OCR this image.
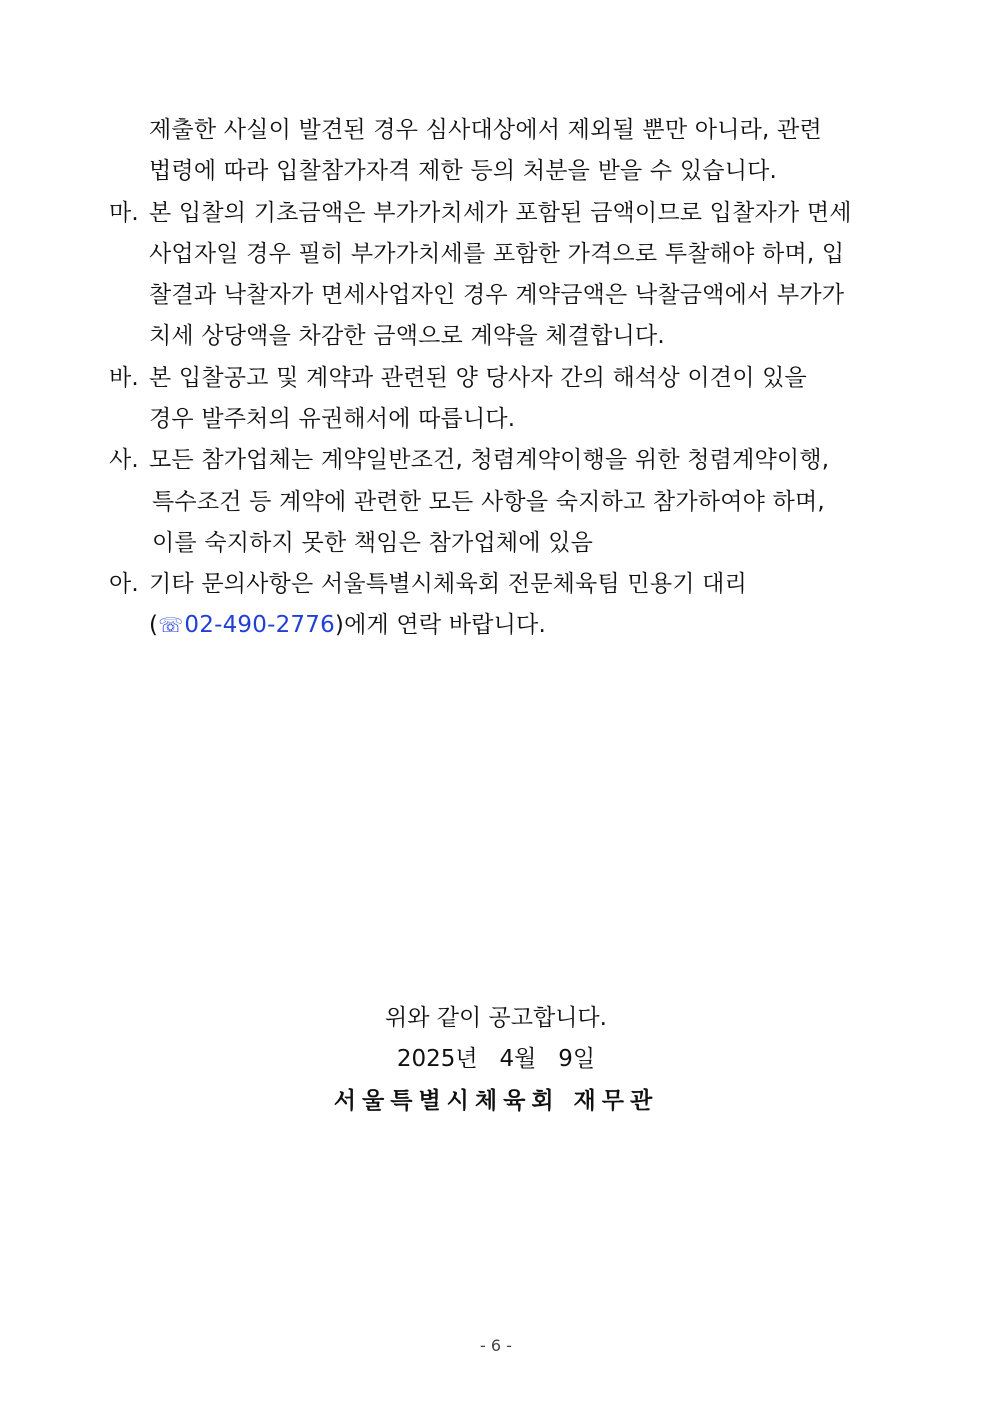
제출한 사실이 발견된 경우 심사대상에서 제외될 뿐만 아니라, 관련
법령에 따라 입찰참가자격 제한 등의 처분을 받을 수 있습니다.
마. 본 입찰의 기초금액은 부가가치세가 포함된 금액이므로 입찰자가 면세
사업자일 경우 필히 부가가치세를 포함한 가격으로 투찰해야 하며, 입
찰결과 낙찰자가 면세사업자인 경우 계약금액은 낙찰금액에서 부가가
치세 상당액을 차감한 금액으로 계약을 체결합니다.
바. 본 입찰공고 및 계약과 관련된 양 당사자 간의 해석상 이견이 있을
경우 발주처의 유권해서에 따릅니다.
사. 모든 참가업체는 계약일반조건, 청렴계약이행을 위한 청렴계약이행,
특수조건 등 계약에 관련한 모든 사항을 숙지하고 참가하여야 하며,
이를 숙지하지 못한 책임은 참가업체에 있음
아. 기타 문의사항은 서울특별시체육회 전문체육팀 민용기 대리
(☏02-490-2776)에게 연락 바랍니다.
위와 같이 공고합니다.
2025년   4월   9일
서울특별시체육회 재무관
- 6 -
